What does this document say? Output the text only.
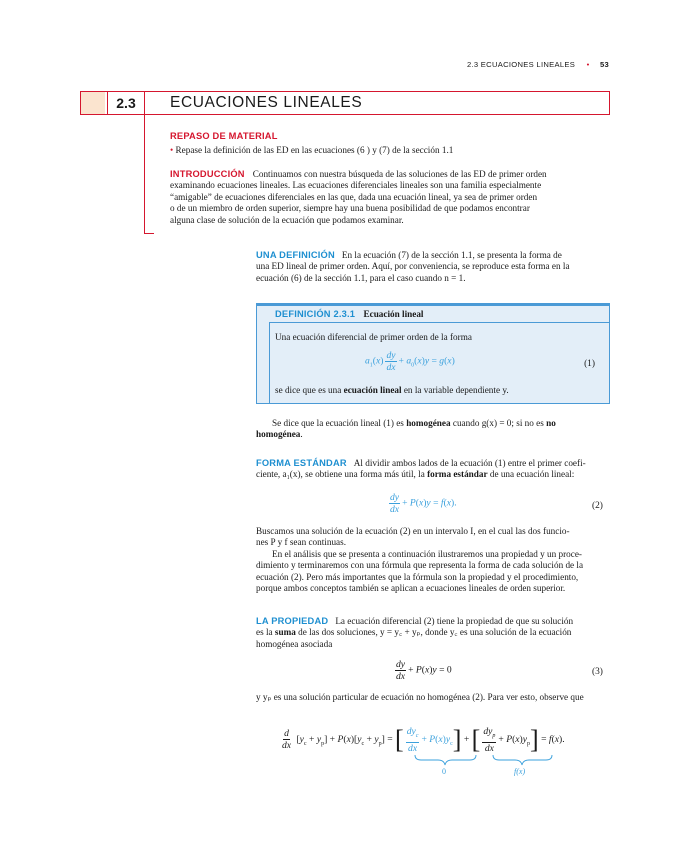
2.3 ECUACIONES LINEALES • 53
2.3	ECUACIONES LINEALES
REPASO DE MATERIAL
• Repase la definición de las ED en las ecuaciones (6 ) y (7) de la sección 1.1
INTRODUCCIÓN Continuamos con nuestra búsqueda de las soluciones de las ED de primer orden
examinando ecuaciones lineales. Las ecuaciones diferenciales lineales son una familia especialmente
“amigable” de ecuaciones diferenciales en las que, dada una ecuación lineal, ya sea de primer orden
o de un miembro de orden superior, siempre hay una buena posibilidad de que podamos encontrar
alguna clase de solución de la ecuación que podamos examinar.
UNA DEFINICIÓN En la ecuación (7) de la sección 1.1, se presenta la forma de
una ED lineal de primer orden. Aquí, por conveniencia, se reproduce esta forma en la
ecuación (6) de la sección 1.1, para el caso cuando n = 1.
DEFINICIÓN 2.3.1 Ecuación lineal
Una ecuación diferencial de primer orden de la forma
$a_1(x) \frac{dy}{dx} + a_0(x)y = g(x)$	(1)
se dice que es una ecuación lineal en la variable dependiente y.
Se dice que la ecuación lineal (1) es homogénea cuando g(x) = 0; si no es no
homogénea.
FORMA ESTÁNDAR Al dividir ambos lados de la ecuación (1) entre el primer coefi-
ciente, a₁(x), se obtiene una forma más útil, la forma estándar de una ecuación lineal:
$\frac{dy}{dx} + P(x)y = f(x)$.	(2)
Buscamos una solución de la ecuación (2) en un intervalo I, en el cual las dos funcio-
nes P y f sean continuas.
En el análisis que se presenta a continuación ilustraremos una propiedad y un proce-
dimiento y terminaremos con una fórmula que representa la forma de cada solución de la
ecuación (2). Pero más importantes que la fórmula son la propiedad y el procedimiento,
porque ambos conceptos también se aplican a ecuaciones lineales de orden superior.
LA PROPIEDAD La ecuación diferencial (2) tiene la propiedad de que su solución
es la suma de las dos soluciones, y = y꜀ + yₚ, donde y꜀ es una solución de la ecuación
homogénea asociada
$\frac{dy}{dx} + P(x)y = 0$	(3)
y yₚ es una solución particular de ecuación no homogénea (2). Para ver esto, observe que
$\frac{d}{dx} [y_c + y_p] + P(x)[y_c + y_p]$ = [ $\frac{dy_c}{dx} + P(x)y_c$] + [ $\frac{dy_p}{dx} + P(x)y_p] = f(x)$.
0	f(x)
